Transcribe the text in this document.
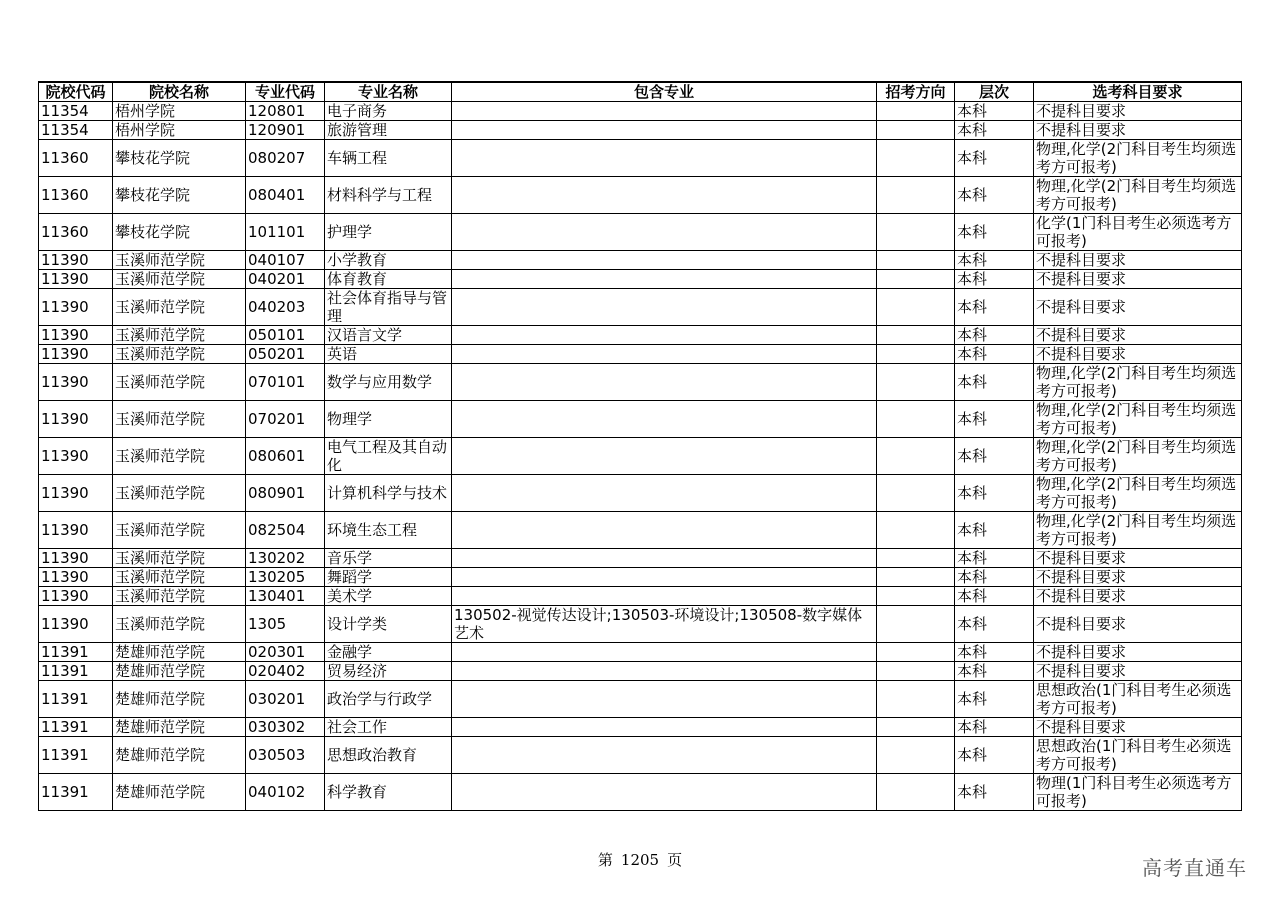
院校代码	院校名称	专业代码	专业名称	包含专业	招考方向	层次	选考科目要求
11354	梧州学院	120801	电子商务			本科	不提科目要求
11354	梧州学院	120901	旅游管理			本科	不提科目要求
11360	攀枝花学院	080207	车辆工程			本科	物理,化学(2门科目考生均须选考方可报考)
11360	攀枝花学院	080401	材料科学与工程			本科	物理,化学(2门科目考生均须选考方可报考)
11360	攀枝花学院	101101	护理学			本科	化学(1门科目考生必须选考方可报考)
11390	玉溪师范学院	040107	小学教育			本科	不提科目要求
11390	玉溪师范学院	040201	体育教育			本科	不提科目要求
11390	玉溪师范学院	040203	社会体育指导与管理			本科	不提科目要求
11390	玉溪师范学院	050101	汉语言文学			本科	不提科目要求
11390	玉溪师范学院	050201	英语			本科	不提科目要求
11390	玉溪师范学院	070101	数学与应用数学			本科	物理,化学(2门科目考生均须选考方可报考)
11390	玉溪师范学院	070201	物理学			本科	物理,化学(2门科目考生均须选考方可报考)
11390	玉溪师范学院	080601	电气工程及其自动化			本科	物理,化学(2门科目考生均须选考方可报考)
11390	玉溪师范学院	080901	计算机科学与技术			本科	物理,化学(2门科目考生均须选考方可报考)
11390	玉溪师范学院	082504	环境生态工程			本科	物理,化学(2门科目考生均须选考方可报考)
11390	玉溪师范学院	130202	音乐学			本科	不提科目要求
11390	玉溪师范学院	130205	舞蹈学			本科	不提科目要求
11390	玉溪师范学院	130401	美术学			本科	不提科目要求
11390	玉溪师范学院	1305	设计学类	130502-视觉传达设计;130503-环境设计;130508-数字媒体艺术		本科	不提科目要求
11391	楚雄师范学院	020301	金融学			本科	不提科目要求
11391	楚雄师范学院	020402	贸易经济			本科	不提科目要求
11391	楚雄师范学院	030201	政治学与行政学			本科	思想政治(1门科目考生必须选考方可报考)
11391	楚雄师范学院	030302	社会工作			本科	不提科目要求
11391	楚雄师范学院	030503	思想政治教育			本科	思想政治(1门科目考生必须选考方可报考)
11391	楚雄师范学院	040102	科学教育			本科	物理(1门科目考生必须选考方可报考)
第 1205 页	高考直通车
